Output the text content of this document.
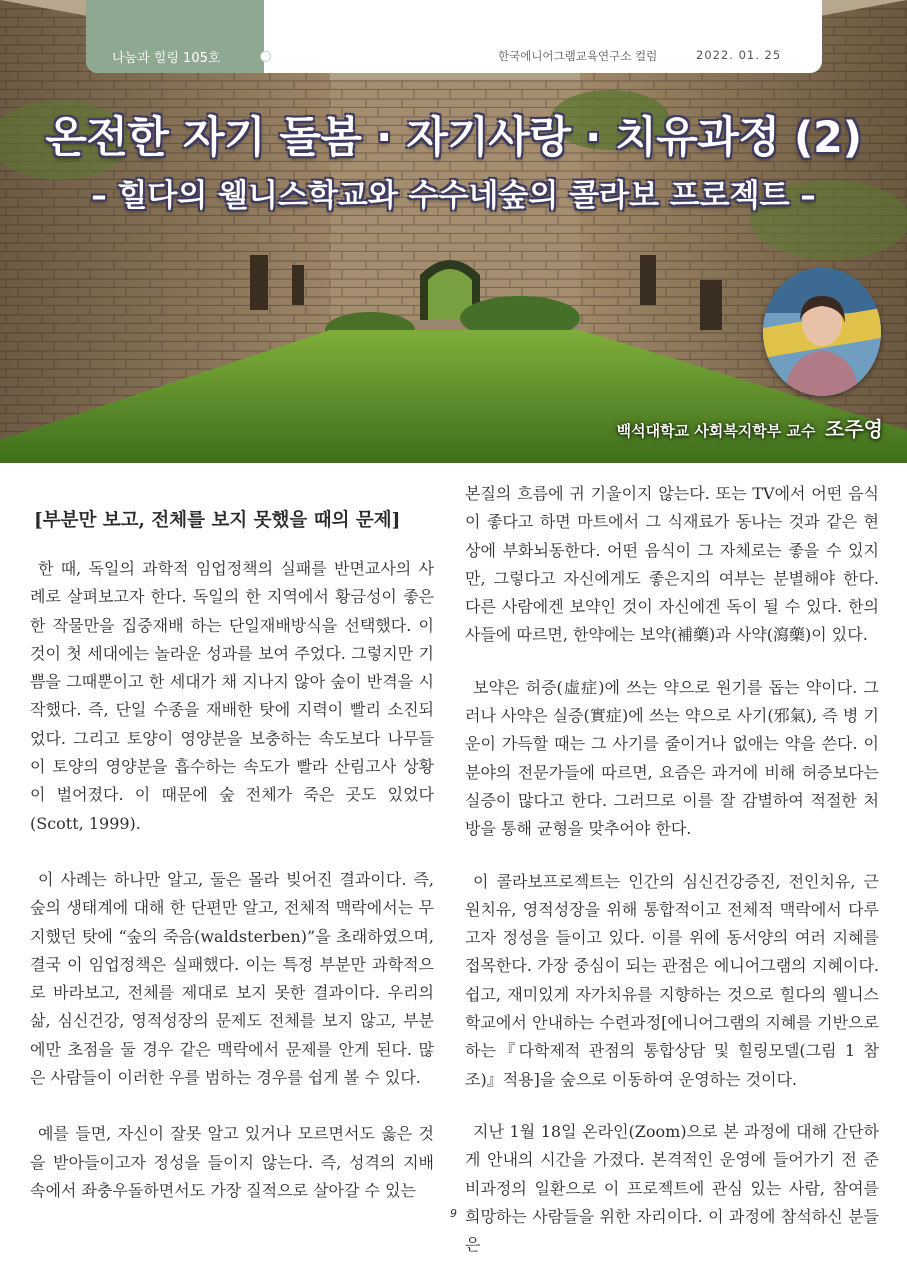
나눔과 힐링 105호	한국에니어그램교육연구소 컬럼	2022. 01. 25
온전한 자기 돌봄 · 자기사랑 · 치유과정 (2)
– 힐다의 웰니스학교와 수수네숲의 콜라보 프로젝트 –
백석대학교 사회복지학부 교수 조주영
[부분만 보고, 전체를 보지 못했을 때의 문제]

한 때, 독일의 과학적 임업정책의 실패를 반면교사의 사례로 살펴보고자 한다. 독일의 한 지역에서 황금성이 좋은 한 작물만을 집중재배 하는 단일재배방식을 선택했다. 이것이 첫 세대에는 놀라운 성과를 보여 주었다. 그렇지만 기쁨을 그때뿐이고 한 세대가 채 지나지 않아 숲이 반격을 시작했다. 즉, 단일 수종을 재배한 탓에 지력이 빨리 소진되었다. 그리고 토양이 영양분을 보충하는 속도보다 나무들이 토양의 영양분을 흡수하는 속도가 빨라 산림고사 상황이 벌어졌다. 이 때문에 숲 전체가 죽은 곳도 있었다(Scott, 1999).

이 사례는 하나만 알고, 둘은 몰라 빚어진 결과이다. 즉, 숲의 생태계에 대해 한 단편만 알고, 전체적 맥락에서는 무지했던 탓에 “숲의 죽음(waldsterben)”을 초래하였으며, 결국 이 임업정책은 실패했다. 이는 특정 부분만 과학적으로 바라보고, 전체를 제대로 보지 못한 결과이다. 우리의 삶, 심신건강, 영적성장의 문제도 전체를 보지 않고, 부분에만 초점을 둘 경우 같은 맥락에서 문제를 안게 된다. 많은 사람들이 이러한 우를 범하는 경우를 쉽게 볼 수 있다.

예를 들면, 자신이 잘못 알고 있거나 모르면서도 옳은 것을 받아들이고자 정성을 들이지 않는다. 즉, 성격의 지배 속에서 좌충우돌하면서도 가장 질적으로 살아갈 수 있는

본질의 흐름에 귀 기울이지 않는다. 또는 TV에서 어떤 음식이 좋다고 하면 마트에서 그 식재료가 동나는 것과 같은 현상에 부화뇌동한다. 어떤 음식이 그 자체로는 좋을 수 있지만, 그렇다고 자신에게도 좋은지의 여부는 분별해야 한다. 다른 사람에겐 보약인 것이 자신에겐 독이 될 수 있다. 한의사들에 따르면, 한약에는 보약(補藥)과 사약(瀉藥)이 있다.

보약은 허증(虛症)에 쓰는 약으로 원기를 돕는 약이다. 그러나 사약은 실증(實症)에 쓰는 약으로 사기(邪氣), 즉 병 기운이 가득할 때는 그 사기를 줄이거나 없애는 약을 쓴다. 이 분야의 전문가들에 따르면, 요즘은 과거에 비해 허증보다는 실증이 많다고 한다. 그러므로 이를 잘 감별하여 적절한 처방을 통해 균형을 맞추어야 한다.

이 콜라보프로젝트는 인간의 심신건강증진, 전인치유, 근원치유, 영적성장을 위해 통합적이고 전체적 맥락에서 다루고자 정성을 들이고 있다. 이를 위에 동서양의 여러 지혜를 접목한다. 가장 중심이 되는 관점은 에니어그램의 지혜이다. 쉽고, 재미있게 자가치유를 지향하는 것으로 힐다의 웰니스학교에서 안내하는 수련과정[에니어그램의 지혜를 기반으로 하는『다학제적 관점의 통합상담 및 힐링모델(그림 1 참조)』적용]을 숲으로 이동하여 운영하는 것이다.

지난 1월 18일 온라인(Zoom)으로 본 과정에 대해 간단하게 안내의 시간을 가졌다. 본격적인 운영에 들어가기 전 준비과정의 일환으로 이 프로젝트에 관심 있는 사람, 참여를 희망하는 사람들을 위한 자리이다. 이 과정에 참석하신 분들은

9
